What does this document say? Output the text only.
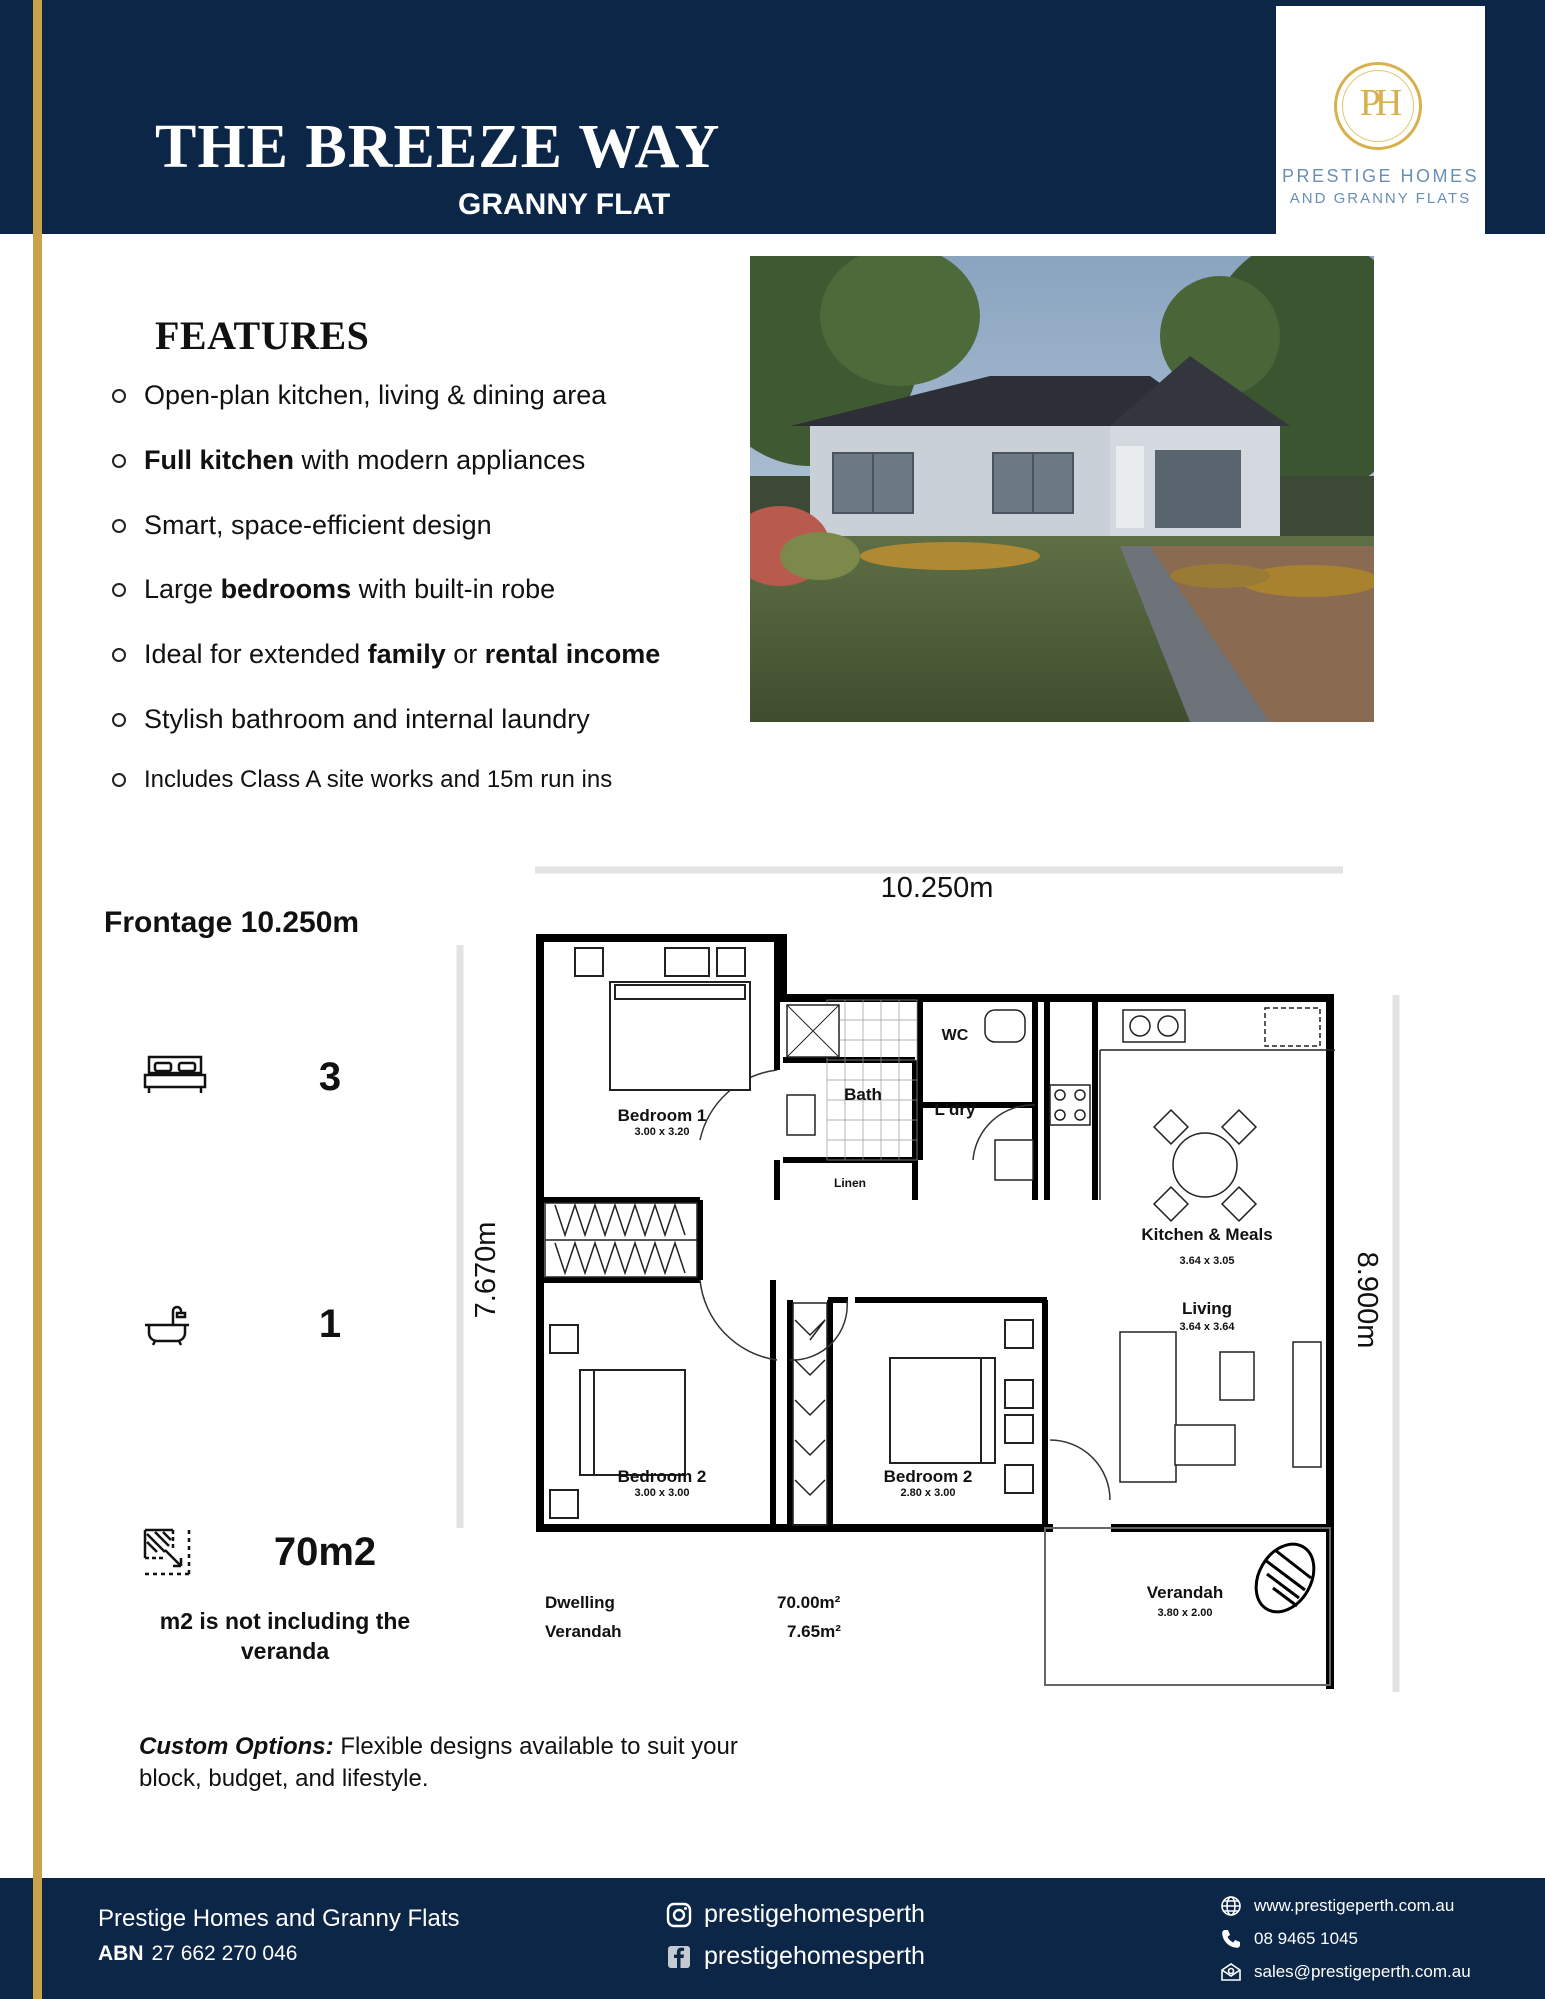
THE BREEZE WAY
GRANNY FLAT
PH
PRESTIGE HOMES
AND GRANNY FLATS
FEATURES
Open-plan kitchen, living & dining area
Full kitchen with modern appliances
Smart, space-efficient design
Large bedrooms with built-in robe
Ideal for extended family or rental income
Stylish bathroom and internal laundry
Includes Class A site works and 15m run ins
Frontage 10.250m
3
1
70m2
m2 is not including the veranda
10.250m
7.670m	8.900m
Bedroom 1
3.00 x 3.20
Bath
WC
L'dry
Linen
Kitchen & Meals
3.64 x 3.05
Living
3.64 x 3.64
Bedroom 2
3.00 x 3.00
Bedroom 2
2.80 x 3.00
Verandah
3.80 x 2.00
Dwelling	70.00m²
Verandah	7.65m²
Custom Options: Flexible designs available to suit your block, budget, and lifestyle.
Prestige Homes and Granny Flats
ABN 27 662 270 046
prestigehomesperth
prestigehomesperth
www.prestigeperth.com.au
08 9465 1045
sales@prestigeperth.com.au
